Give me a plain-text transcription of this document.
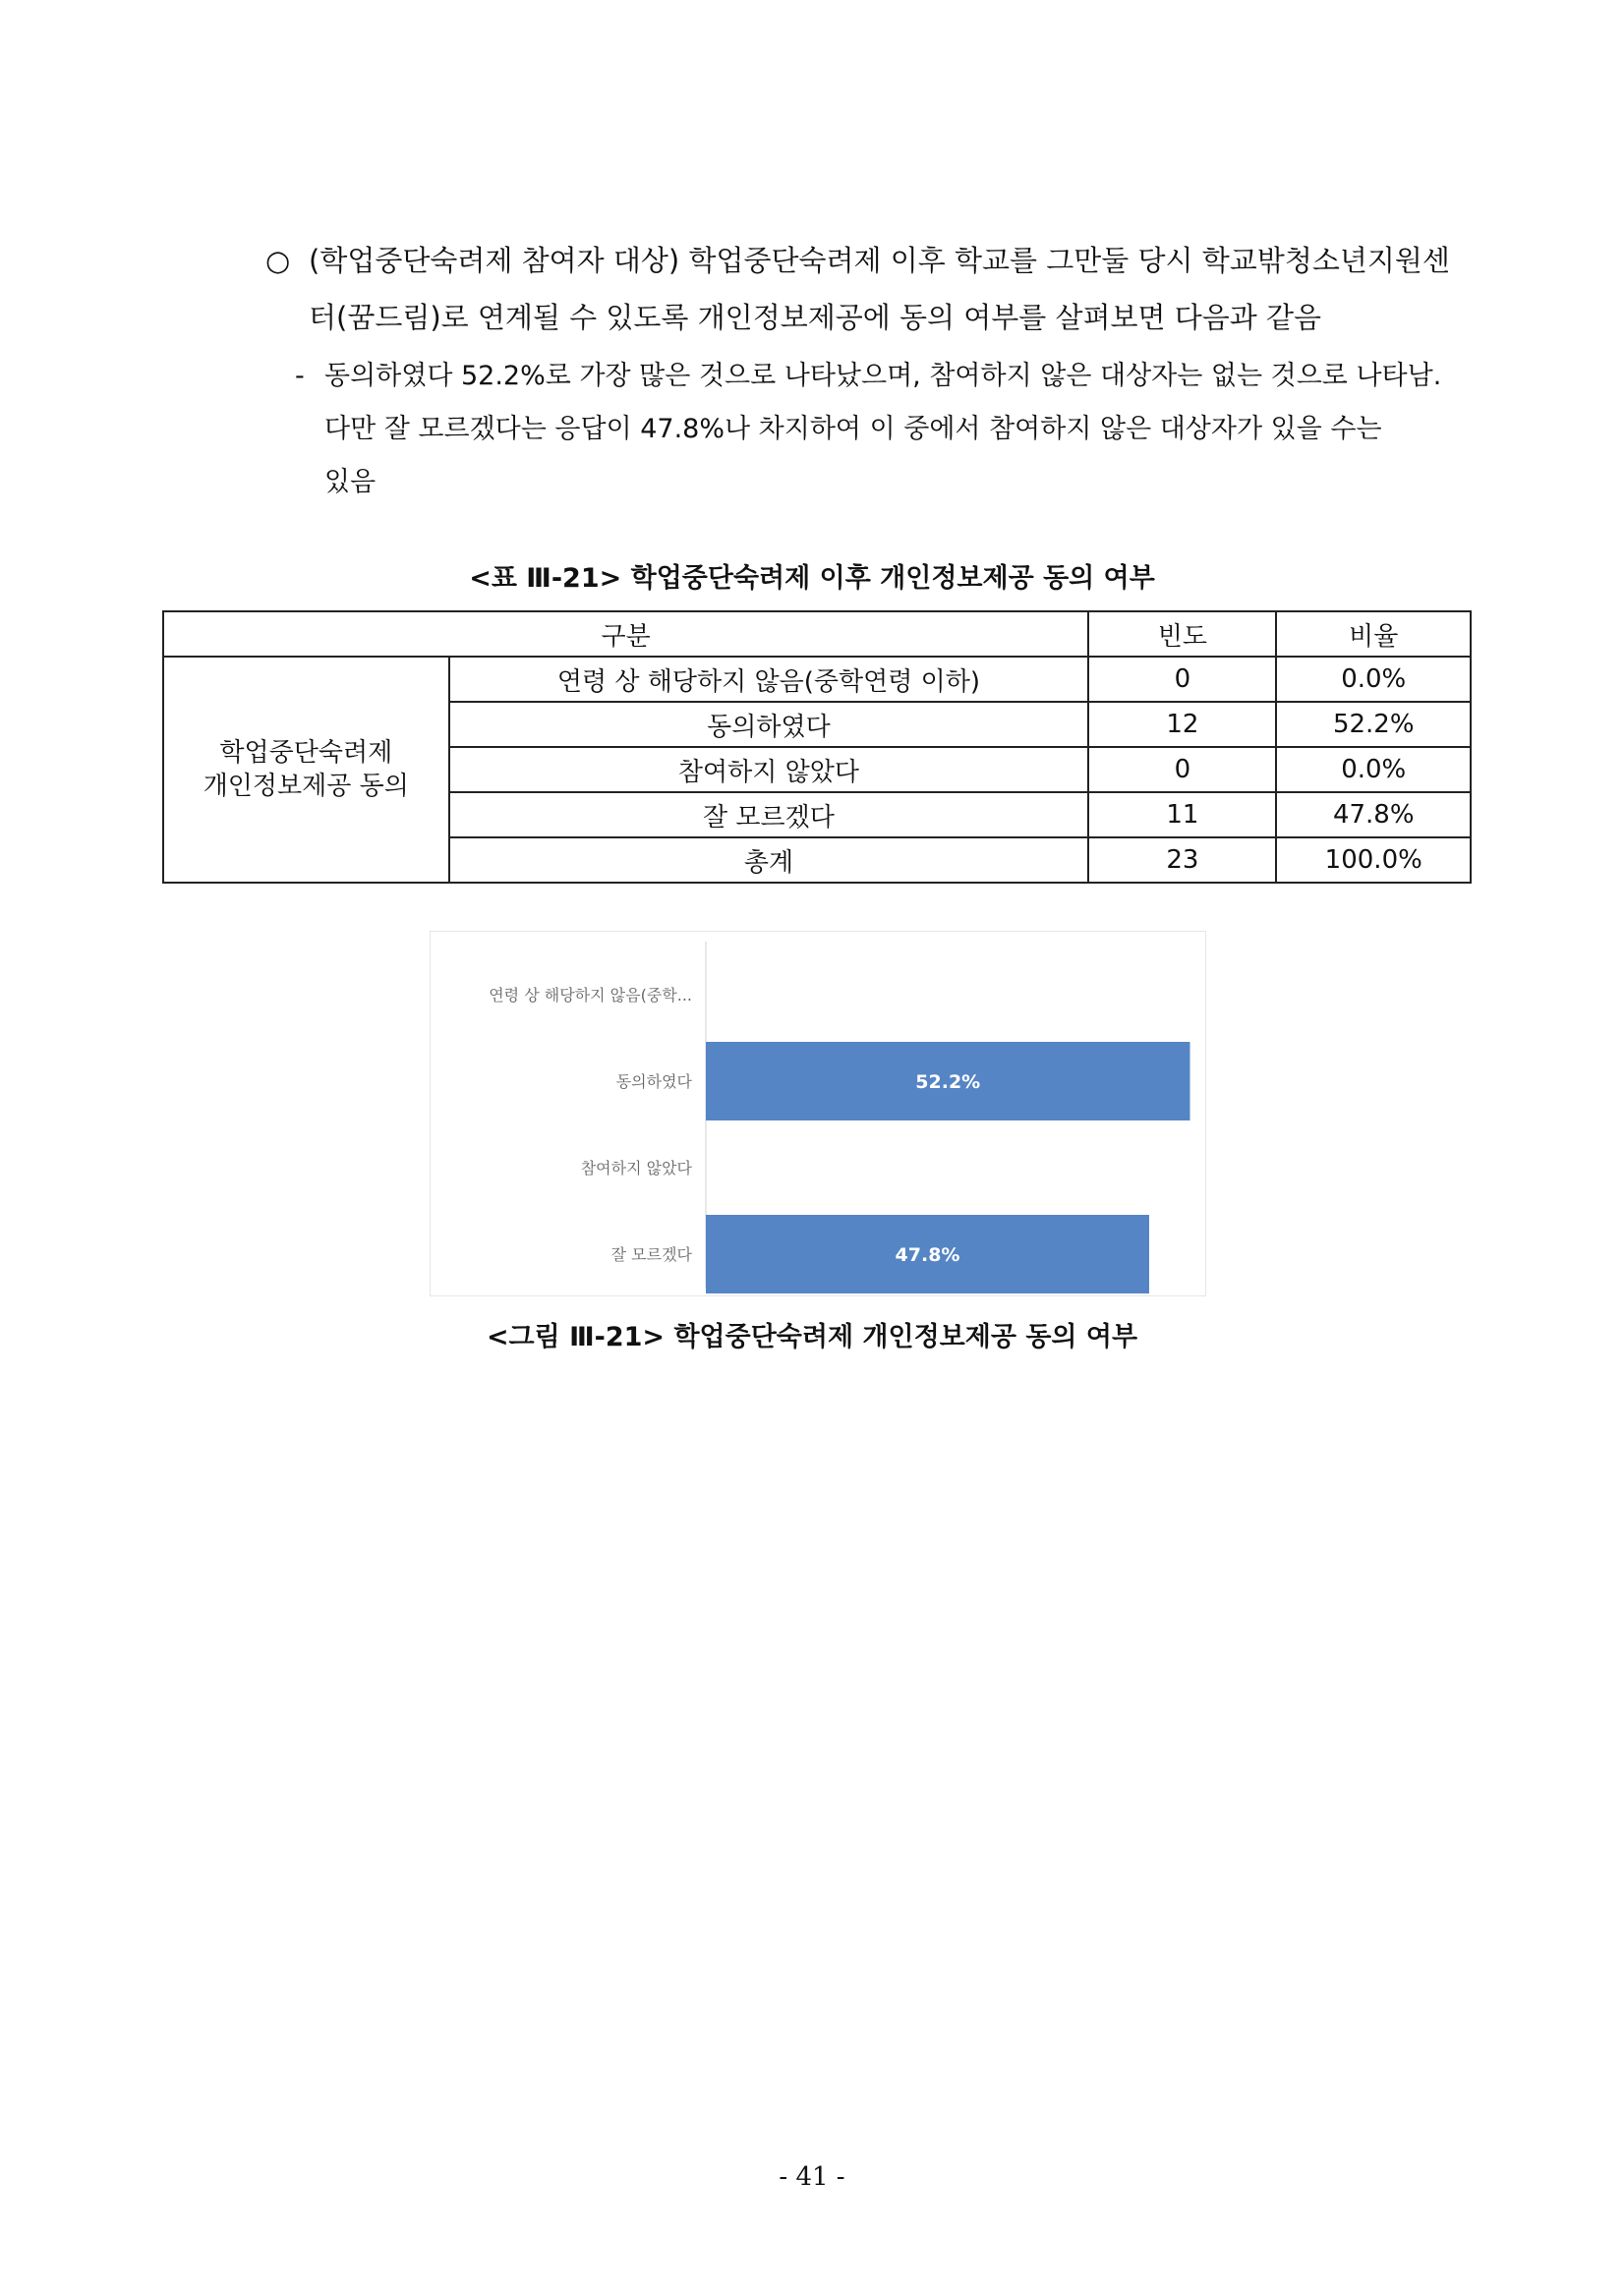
○ (학업중단숙려제 참여자 대상) 학업중단숙려제 이후 학교를 그만둘 당시 학교밖청소년지원센
터(꿈드림)로 연계될 수 있도록 개인정보제공에 동의 여부를 살펴보면 다음과 같음
- 동의하였다 52.2%로 가장 많은 것으로 나타났으며, 참여하지 않은 대상자는 없는 것으로 나타남.
다만 잘 모르겠다는 응답이 47.8%나 차지하여 이 중에서 참여하지 않은 대상자가 있을 수는
있음
<표 Ⅲ-21> 학업중단숙려제 이후 개인정보제공 동의 여부
구분		빈도	비율
학업중단숙려제
개인정보제공 동의	연령 상 해당하지 않음(중학연령 이하)	0	0.0%
	동의하였다	12	52.2%
	참여하지 않았다	0	0.0%
	잘 모르겠다	11	47.8%
	총계	23	100.0%
연령 상 해당하지 않음(중학...
동의하였다	52.2%
참여하지 않았다
잘 모르겠다	47.8%
<그림 Ⅲ-21> 학업중단숙려제 개인정보제공 동의 여부
- 41 -
